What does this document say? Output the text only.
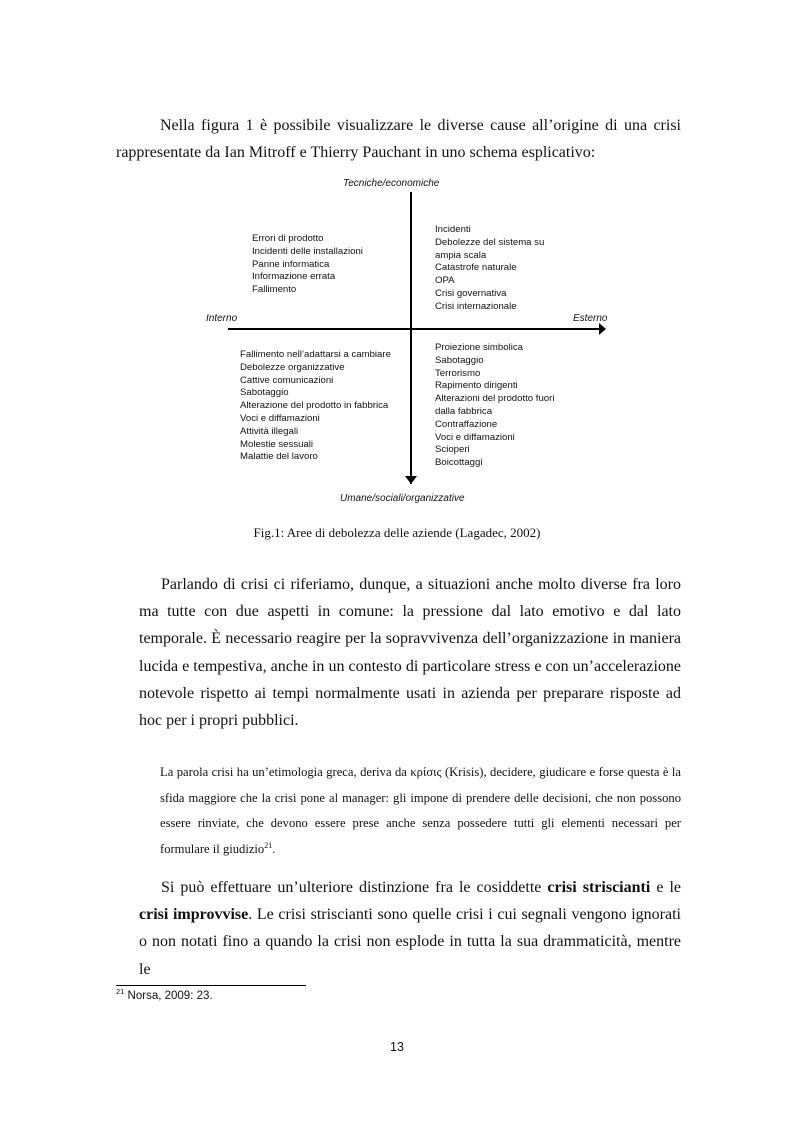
Nella figura 1 è possibile visualizzare le diverse cause all’origine di una crisi rappresentate da Ian Mitroff e Thierry Pauchant in uno schema esplicativo:

Tecniche/economiche
Umane/sociali/organizzative
Interno	Esterno
Errori di prodotto
Incidenti delle installazioni
Panne informatica
Informazione errata
Fallimento
Incidenti
Debolezze del sistema su
ampia scala
Catastrofe naturale
OPA
Crisi governativa
Crisi internazionale
Fallimento nell’adattarsi a cambiare
Debolezze organizzative
Cattive comunicazioni
Sabotaggio
Alterazione del prodotto in fabbrica
Voci e diffamazioni
Attività illegali
Molestie sessuali
Malattie del lavoro
Proiezione simbolica
Sabotaggio
Terrorismo
Rapimento dirigenti
Alterazioni del prodotto fuori
dalla fabbrica
Contraffazione
Voci e diffamazioni
Scioperi
Boicottaggi
Fig.1: Aree di debolezza delle aziende (Lagadec, 2002)

Parlando di crisi ci riferiamo, dunque, a situazioni anche molto diverse fra loro ma tutte con due aspetti in comune: la pressione dal lato emotivo e dal lato temporale. È necessario reagire per la sopravvivenza dell’organizzazione in maniera lucida e tempestiva, anche in un contesto di particolare stress e con un’accelerazione notevole rispetto ai tempi normalmente usati in azienda per preparare risposte ad hoc per i propri pubblici.

La parola crisi ha un’etimologia greca, deriva da κρίσις (Krisis), decidere, giudicare e forse questa è la sfida maggiore che la crisi pone al manager: gli impone di prendere delle decisioni, che non possono essere rinviate, che devono essere prese anche senza possedere tutti gli elementi necessari per formulare il giudizio$^{21}$.

Si può effettuare un’ulteriore distinzione fra le cosiddette crisi striscianti e le crisi improvvise. Le crisi striscianti sono quelle crisi i cui segnali vengono ignorati o non notati fino a quando la crisi non esplode in tutta la sua drammaticità, mentre le

$^{21}$ Norsa, 2009: 23.
13
